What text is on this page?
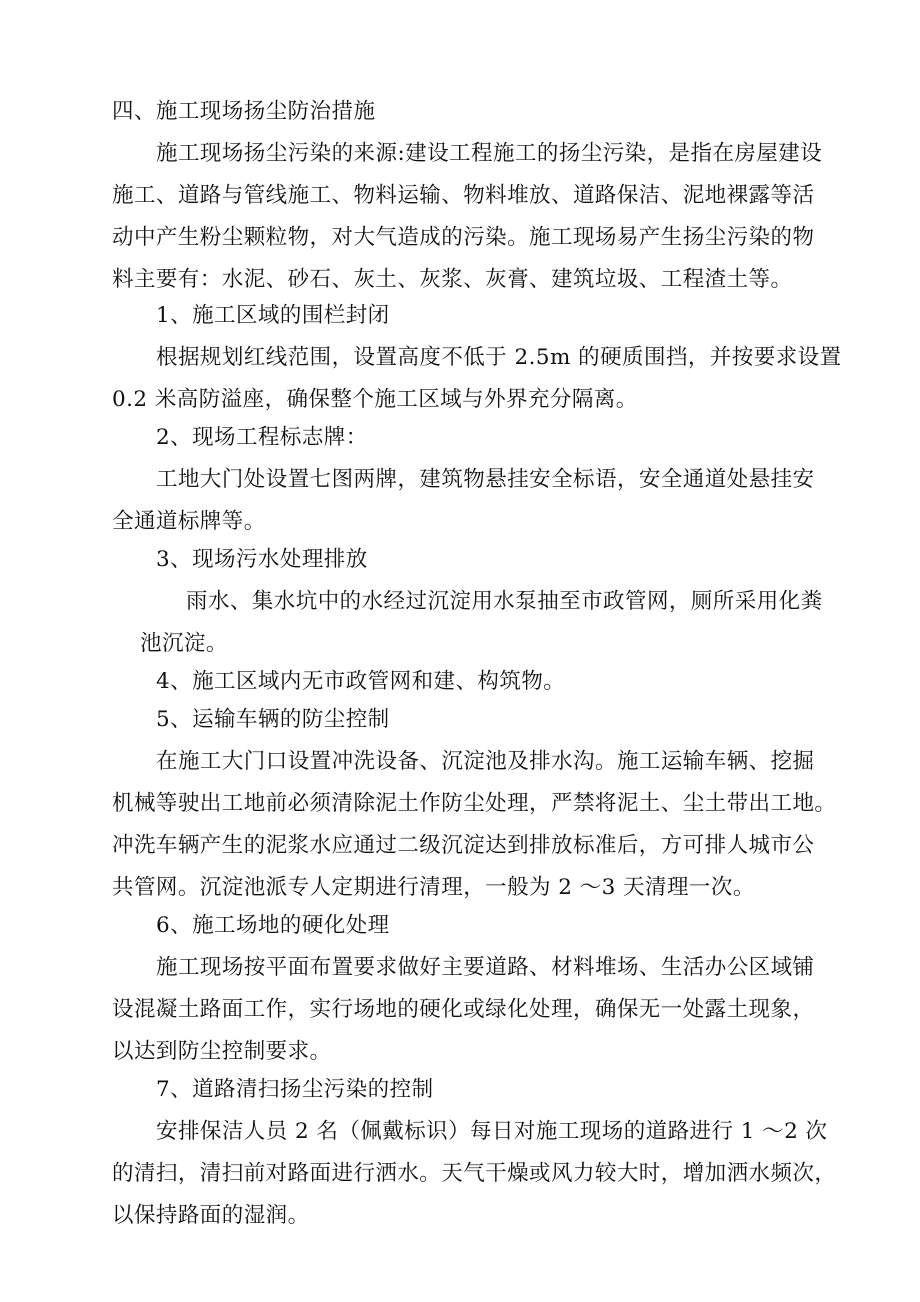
四、施工现场扬尘防治措施
施工现场扬尘污染的来源:建设工程施工的扬尘污染，是指在房屋建设
施工、道路与管线施工、物料运输、物料堆放、道路保洁、泥地裸露等活
动中产生粉尘颗粒物，对大气造成的污染。施工现场易产生扬尘污染的物
料主要有：水泥、砂石、灰土、灰浆、灰膏、建筑垃圾、工程渣土等。
1、施工区域的围栏封闭
根据规划红线范围，设置高度不低于 2.5m 的硬质围挡，并按要求设置
0.2 米高防溢座，确保整个施工区域与外界充分隔离。
2、现场工程标志牌：
工地大门处设置七图两牌，建筑物悬挂安全标语，安全通道处悬挂安
全通道标牌等。
3、现场污水处理排放
雨水、集水坑中的水经过沉淀用水泵抽至市政管网，厕所采用化粪
池沉淀。
4、施工区域内无市政管网和建、构筑物。
5、运输车辆的防尘控制
在施工大门口设置冲洗设备、沉淀池及排水沟。施工运输车辆、挖掘
机械等驶出工地前必须清除泥土作防尘处理，严禁将泥土、尘土带出工地。
冲洗车辆产生的泥浆水应通过二级沉淀达到排放标准后，方可排人城市公
共管网。沉淀池派专人定期进行清理，一般为 2 ～3 天清理一次。
6、施工场地的硬化处理
施工现场按平面布置要求做好主要道路、材料堆场、生活办公区域铺
设混凝土路面工作，实行场地的硬化或绿化处理，确保无一处露土现象，
以达到防尘控制要求。
7、道路清扫扬尘污染的控制
安排保洁人员 2 名（佩戴标识）每日对施工现场的道路进行 1 ～2 次
的清扫，清扫前对路面进行洒水。天气干燥或风力较大时，增加洒水频次，
以保持路面的湿润。
